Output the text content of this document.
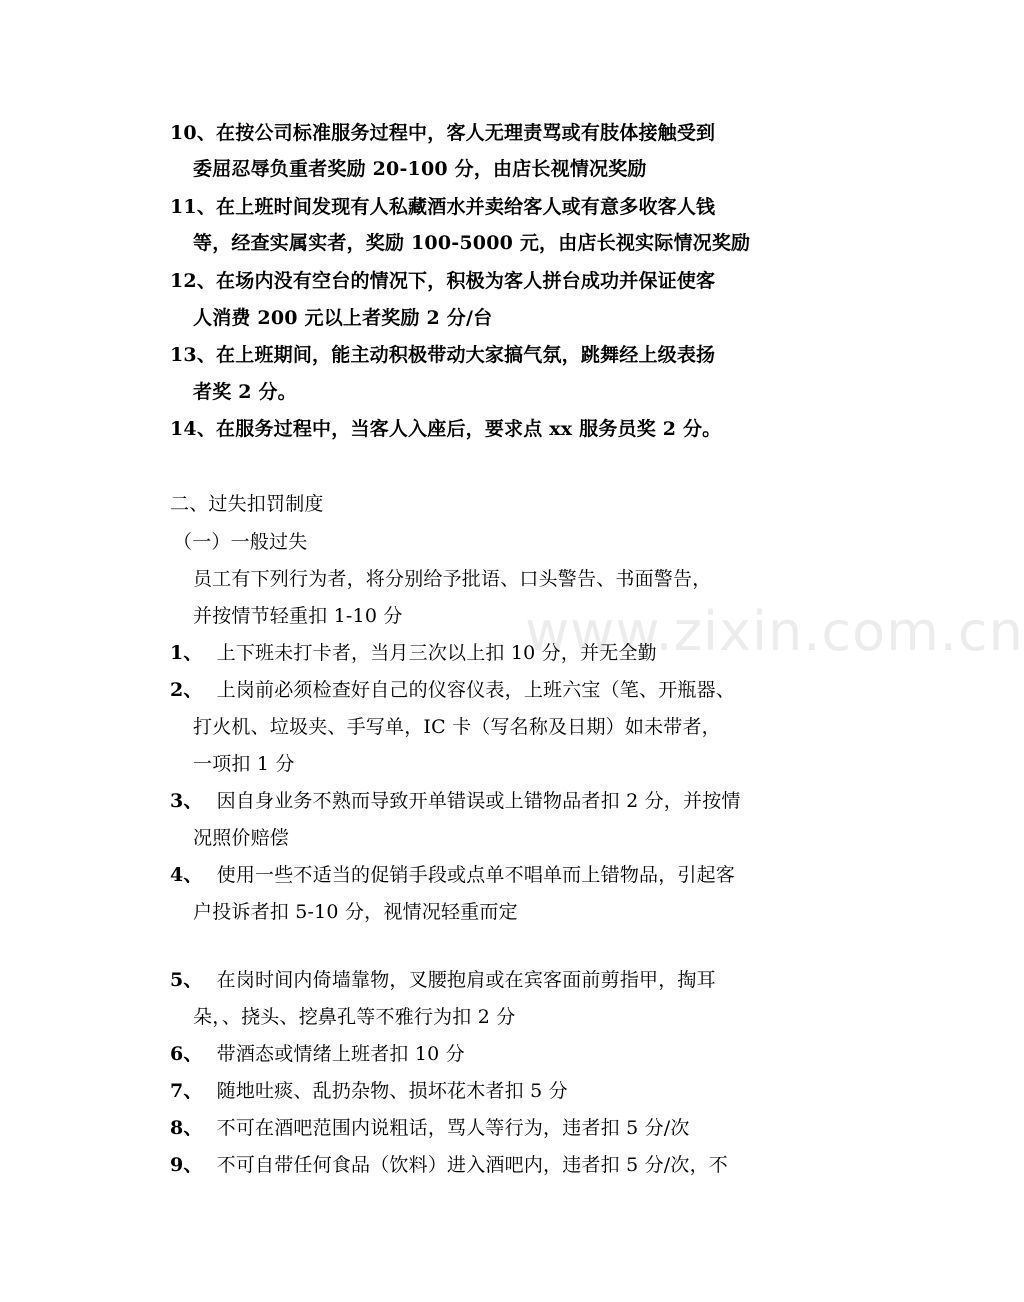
www.zixin.com.cn
10、在按公司标准服务过程中，客人无理责骂或有肢体接触受到
委屈忍辱负重者奖励 20-100 分，由店长视情况奖励
11、在上班时间发现有人私藏酒水并卖给客人或有意多收客人钱
等，经查实属实者，奖励 100-5000 元，由店长视实际情况奖励
12、在场内没有空台的情况下，积极为客人拼台成功并保证使客
人消费 200 元以上者奖励 2 分/台
13、在上班期间，能主动积极带动大家搞气氛，跳舞经上级表扬
者奖 2 分。
14、在服务过程中，当客人入座后，要求点 xx 服务员奖 2 分。
二、过失扣罚制度
（一）一般过失
员工有下列行为者，将分别给予批语、口头警告、书面警告，
并按情节轻重扣 1-10 分
1、 上下班未打卡者，当月三次以上扣 10 分，并无全勤
2、 上岗前必须检查好自己的仪容仪表，上班六宝（笔、开瓶器、
打火机、垃圾夹、手写单，IC 卡（写名称及日期）如未带者，
一项扣 1 分
3、 因自身业务不熟而导致开单错误或上错物品者扣 2 分，并按情
况照价赔偿
4、 使用一些不适当的促销手段或点单不唱单而上错物品，引起客
户投诉者扣 5-10 分，视情况轻重而定
5、 在岗时间内倚墙靠物，叉腰抱肩或在宾客面前剪指甲，掏耳
朵，、挠头、挖鼻孔等不雅行为扣 2 分
6、 带酒态或情绪上班者扣 10 分
7、 随地吐痰、乱扔杂物、损坏花木者扣 5 分
8、 不可在酒吧范围内说粗话，骂人等行为，违者扣 5 分/次
9、 不可自带任何食品（饮料）进入酒吧内，违者扣 5 分/次，不
